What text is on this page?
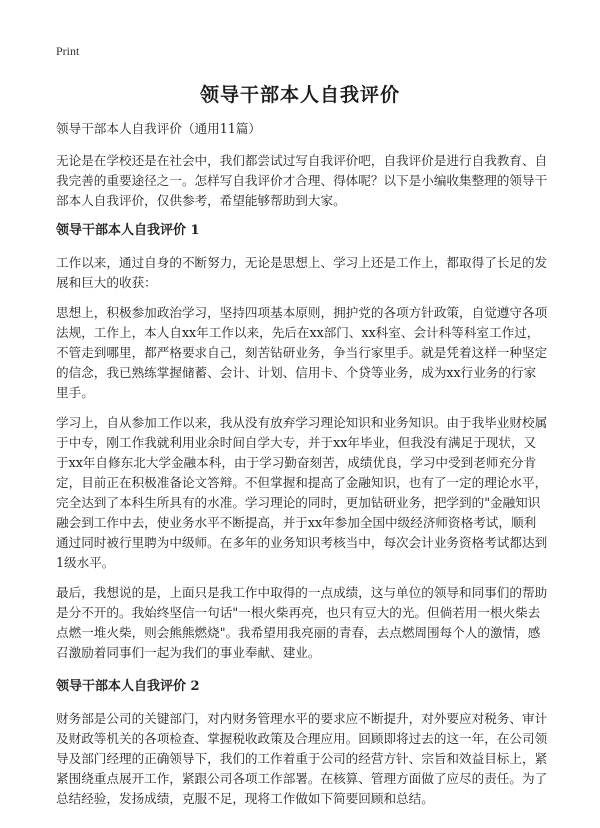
Print
领导干部本人自我评价

领导干部本人自我评价（通用11篇）

无论是在学校还是在社会中，我们都尝试过写自我评价吧，自我评价是进行自我教育、自我完善的重要途径之一。怎样写自我评价才合理、得体呢？以下是小编收集整理的领导干部本人自我评价，仅供参考，希望能够帮助到大家。

领导干部本人自我评价 1

工作以来，通过自身的不断努力，无论是思想上、学习上还是工作上，都取得了长足的发展和巨大的收获：

思想上，积极参加政治学习，坚持四项基本原则，拥护党的各项方针政策，自觉遵守各项法规，工作上，本人自xx年工作以来，先后在xx部门、xx科室、会计科等科室工作过，不管走到哪里，都严格要求自己，刻苦钻研业务，争当行家里手。就是凭着这样一种坚定的信念，我已熟练掌握储蓄、会计、计划、信用卡、个贷等业务，成为xx行业务的行家里手。

学习上，自从参加工作以来，我从没有放弃学习理论知识和业务知识。由于我毕业财校属于中专，刚工作我就利用业余时间自学大专，并于xx年毕业，但我没有满足于现状，又于xx年自修东北大学金融本科，由于学习勤奋刻苦，成绩优良，学习中受到老师充分肯定，目前正在积极准备论文答辩。不但掌握和提高了金融知识，也有了一定的理论水平，完全达到了本科生所具有的水准。学习理论的同时，更加钻研业务，把学到的"金融知识融会到工作中去，使业务水平不断提高，并于xx年参加全国中级经济师资格考试，顺利通过同时被行里聘为中级师。在多年的业务知识考核当中，每次会计业务资格考试都达到1级水平。

最后，我想说的是，上面只是我工作中取得的一点成绩，这与单位的领导和同事们的帮助是分不开的。我始终坚信一句话"一根火柴再亮，也只有豆大的光。但倘若用一根火柴去点燃一堆火柴，则会熊熊燃烧"。我希望用我亮丽的青春，去点燃周围每个人的激情，感召激励着同事们一起为我们的事业奉献、建业。

领导干部本人自我评价 2

财务部是公司的关键部门，对内财务管理水平的要求应不断提升，对外要应对税务、审计及财政等机关的各项检查、掌握税收政策及合理应用。回顾即将过去的这一年，在公司领导及部门经理的正确领导下，我们的工作着重于公司的经营方针、宗旨和效益目标上，紧紧围绕重点展开工作，紧跟公司各项工作部署。在核算、管理方面做了应尽的责任。为了总结经验，发扬成绩，克服不足，现将工作做如下简要回顾和总结。
